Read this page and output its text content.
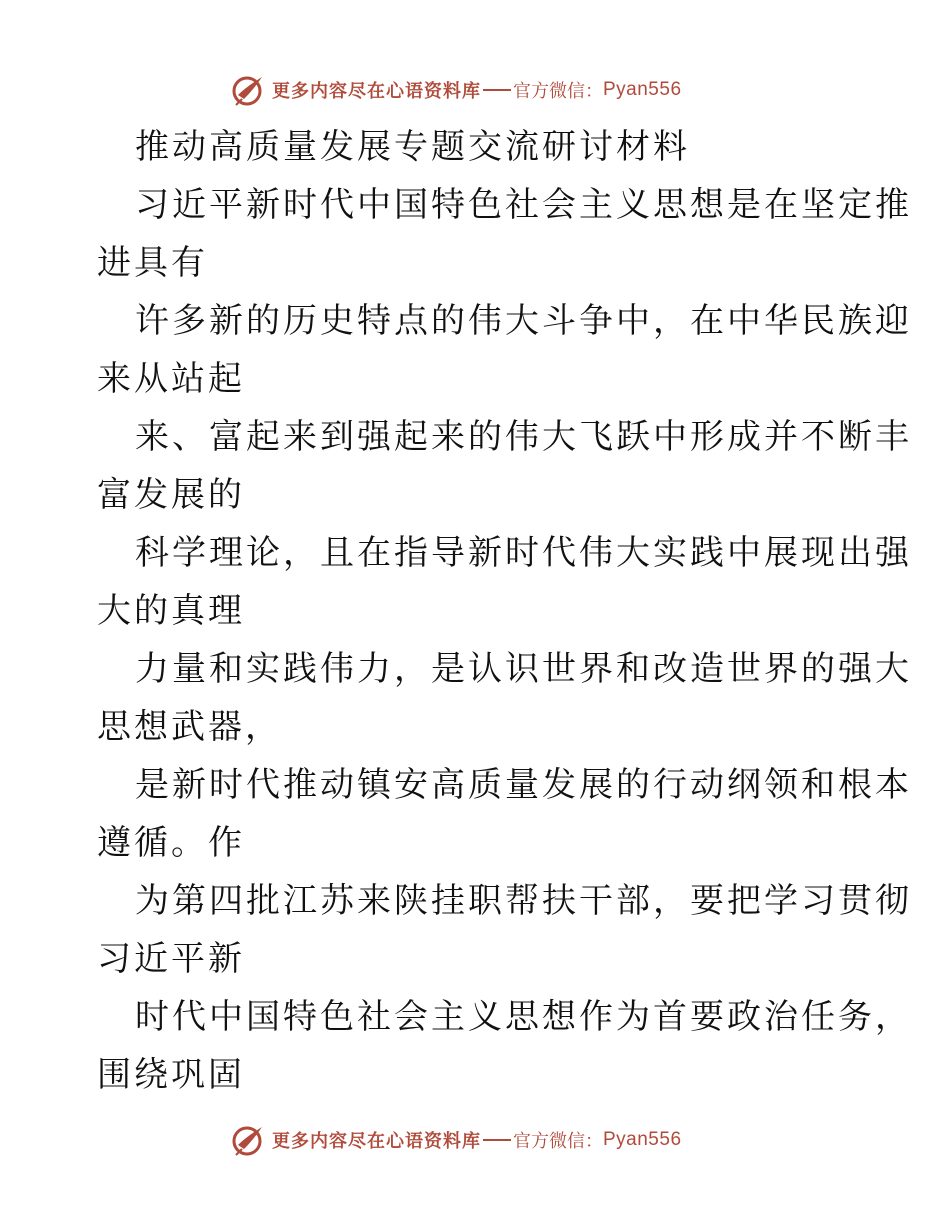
更多内容尽在心语资料库 官方微信： Pyan556
推动高质量发展专题交流研讨材料
习近平新时代中国特色社会主义思想是在坚定推
进具有
许多新的历史特点的伟大斗争中，在中华民族迎
来从站起
来、富起来到强起来的伟大飞跃中形成并不断丰
富发展的
科学理论，且在指导新时代伟大实践中展现出强
大的真理
力量和实践伟力，是认识世界和改造世界的强大
思想武器，
是新时代推动镇安高质量发展的行动纲领和根本
遵循。作
为第四批江苏来陕挂职帮扶干部，要把学习贯彻
习近平新
时代中国特色社会主义思想作为首要政治任务，
围绕巩固
更多内容尽在心语资料库 官方微信： Pyan556
